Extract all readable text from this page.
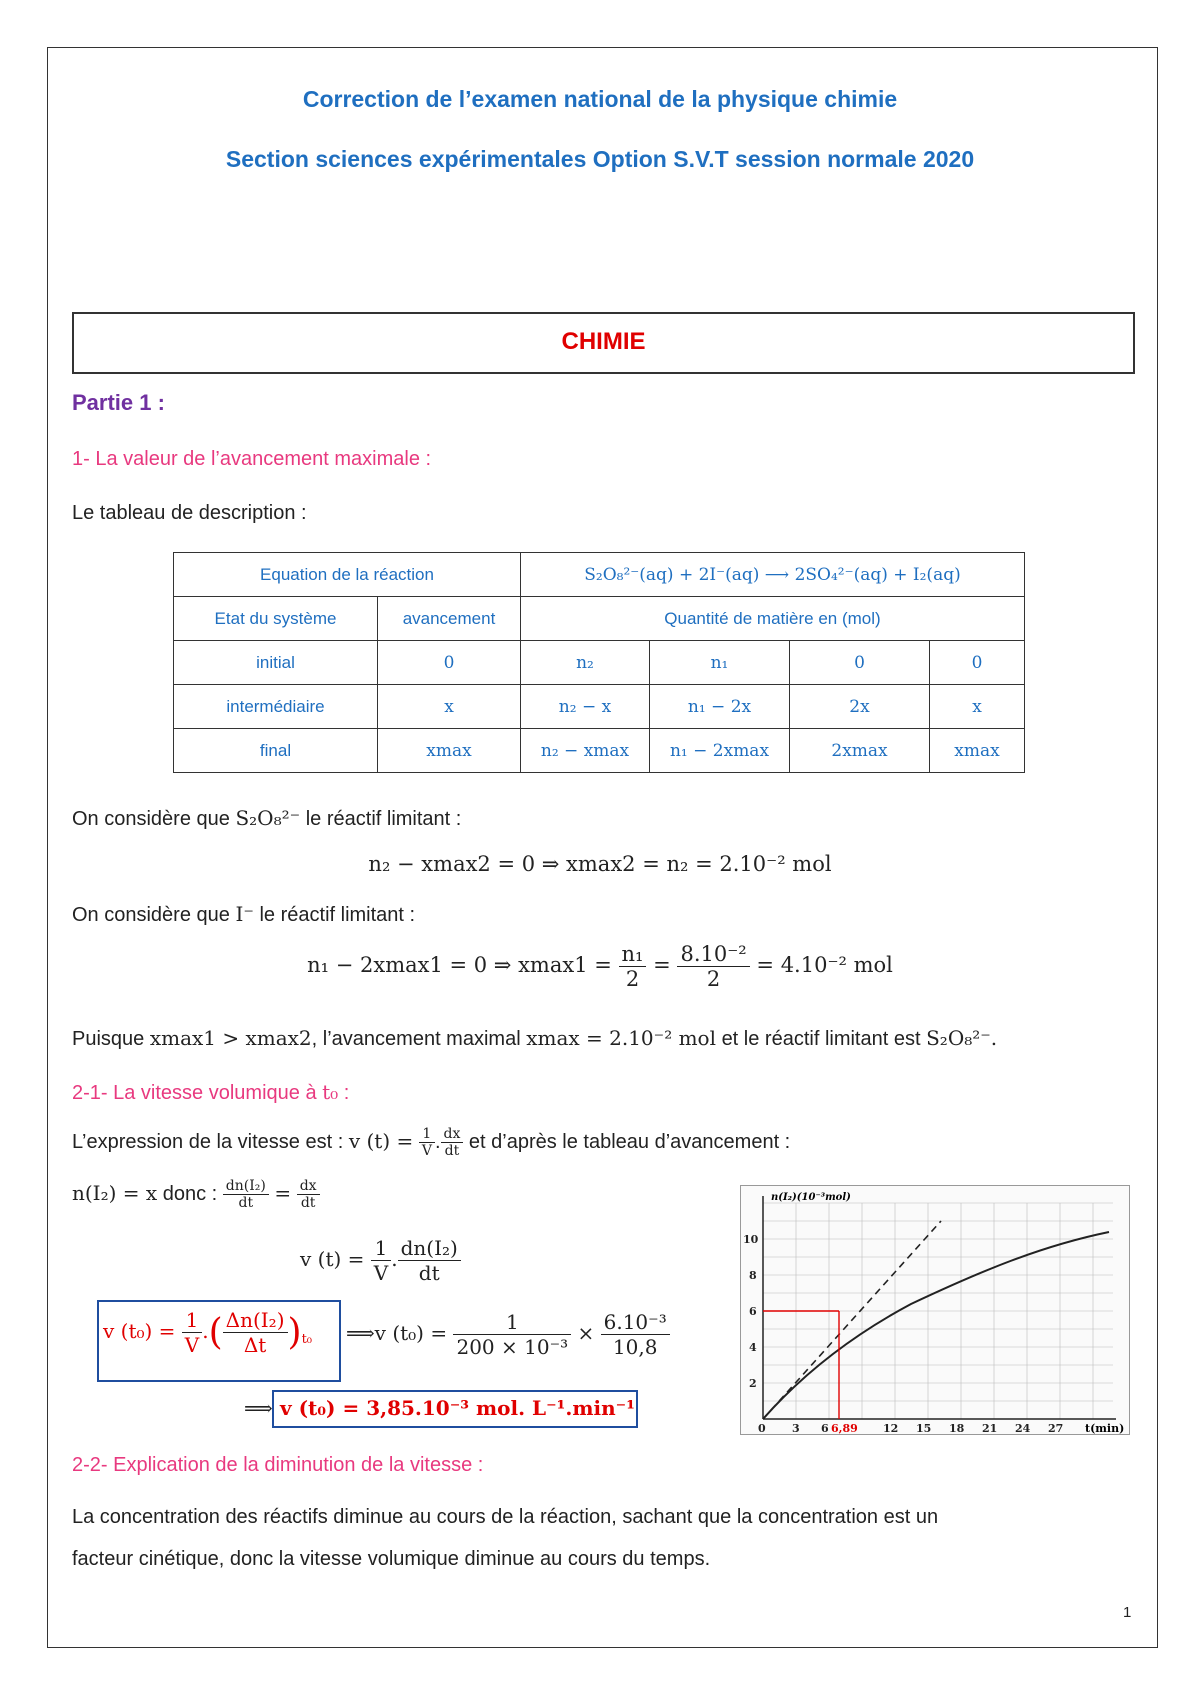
Correction de l’examen national de la physique chimie
Section sciences expérimentales Option S.V.T session normale 2020
CHIMIE
Partie 1 :
1- La valeur de l’avancement maximale :
Le tableau de description :
Equation de la réaction		S₂O₈²⁻(aq) + 2I⁻(aq) ⟶ 2SO₄²⁻(aq) + I₂(aq)			
Etat du système	avancement	Quantité de matière en (mol)			
initial	0	n₂	n₁	0	0
intermédiaire	x	n₂ − x	n₁ − 2x	2x	x
final	xmax	n₂ − xmax	n₁ − 2xmax	2xmax	xmax
On considère que S₂O₈²⁻ le réactif limitant :
n₂ − xmax2 = 0 ⇒ xmax2 = n₂ = 2.10⁻² mol
On considère que I⁻ le réactif limitant :
n₁ − 2xmax1 = 0 ⇒ $xmax1 = \frac{\text{n₁}}{2} = \frac{\text{8.10⁻²}}{2} = 4.10^{-2}$ mol
Puisque xmax1 > xmax2, l’avancement maximal xmax = 2.10⁻² mol et le réactif limitant est S₂O₈²⁻.
2-1- La vitesse volumique à t₀ :
L’expression de la vitesse est : v $(t) = \frac{1}{V}$ . $\frac{dx}{dt}$ et d’après le tableau d’avancement :
n(I₂) = x donc : $\frac{\text{dn(I₂)}}{dt} = \frac{dx}{dt}$
v $(t) = \frac{1}{V}$ . $\frac{\text{dn(I₂)}}{dt}$
v $(t_0) = \frac{1}{V}$ .( $\frac{\text{Δn(I₂)}}{\Delta t} )_{t_0}$ ⟹v $(t_0) = \frac{1}{\text{200 × 10⁻³}} \times \frac{\text{6.10⁻³}}{10,8}$
⟹ v (t₀) = 3,85.10⁻³ mol. L⁻¹.min⁻¹
n(I₂)(10⁻³mol)
t(min)
0 3 6 6,89 12 15 18 21 24 27
2
4
6
8
10
2-2- Explication de la diminution de la vitesse :
La concentration des réactifs diminue au cours de la réaction, sachant que la concentration est un
facteur cinétique, donc la vitesse volumique diminue au cours du temps.
1
